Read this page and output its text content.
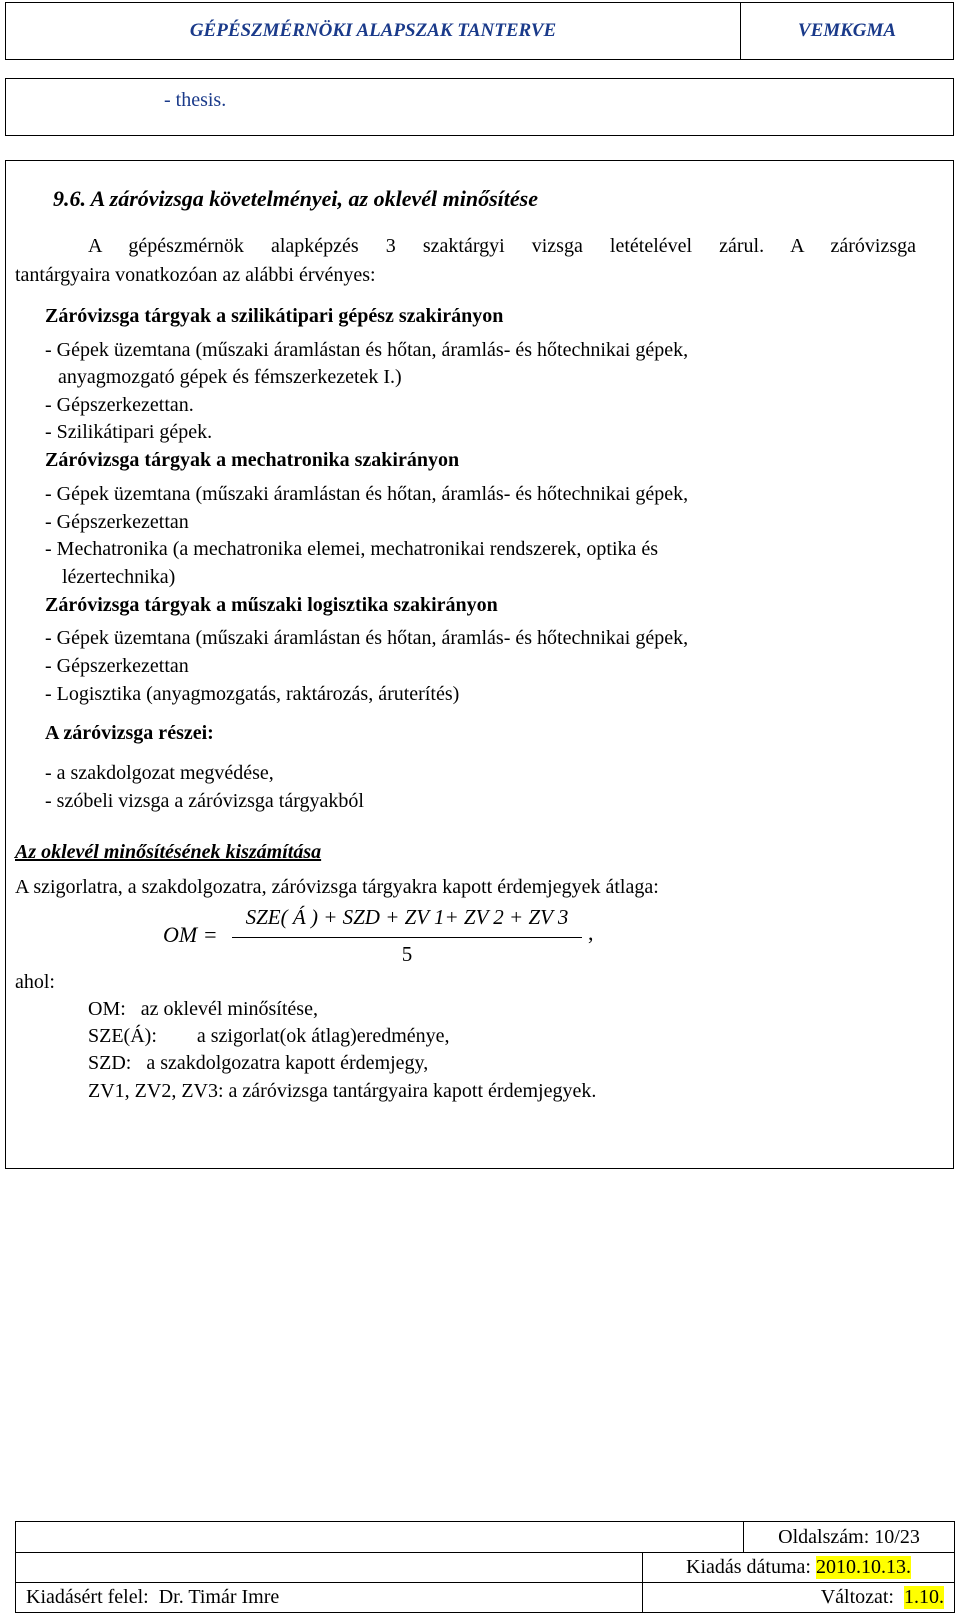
GÉPÉSZMÉRNÖKI ALAPSZAK TANTERVE	VEMKGMA
- thesis.
9.6. A záróvizsga követelményei, az oklevél minősítése
A gépészmérnök alapképzés 3 szaktárgyi vizsga letételével zárul. A záróvizsga
tantárgyaira vonatkozóan az alábbi érvényes:
Záróvizsga tárgyak a szilikátipari gépész szakirányon
- Gépek üzemtana (műszaki áramlástan és hőtan, áramlás- és hőtechnikai gépek,
anyagmozgató gépek és fémszerkezetek I.)
- Gépszerkezettan.
- Szilikátipari gépek.
Záróvizsga tárgyak a mechatronika szakirányon
- Gépek üzemtana (műszaki áramlástan és hőtan, áramlás- és hőtechnikai gépek,
- Gépszerkezettan
- Mechatronika (a mechatronika elemei, mechatronikai rendszerek, optika és
lézertechnika)
Záróvizsga tárgyak a műszaki logisztika szakirányon
- Gépek üzemtana (műszaki áramlástan és hőtan, áramlás- és hőtechnikai gépek,
- Gépszerkezettan
- Logisztika (anyagmozgatás, raktározás, áruterítés)
A záróvizsga részei:
- a szakdolgozat megvédése,
- szóbeli vizsga a záróvizsga tárgyakból
Az oklevél minősítésének kiszámítása
A szigorlatra, a szakdolgozatra, záróvizsga tárgyakra kapott érdemjegyek átlaga:
OM =
SZE( Á ) + SZD + ZV 1+ ZV 2 + ZV 3
5
,
ahol:
OM:   az oklevél minősítése,
SZE(Á):        a szigorlat(ok átlag)eredménye,
SZD:   a szakdolgozatra kapott érdemjegy,
ZV1, ZV2, ZV3: a záróvizsga tantárgyaira kapott érdemjegyek.
Oldalszám: 10/23
Kiadás dátuma: 2010.10.13.
Kiadásért felel:  Dr. Timár Imre	Változat: 1.10.
